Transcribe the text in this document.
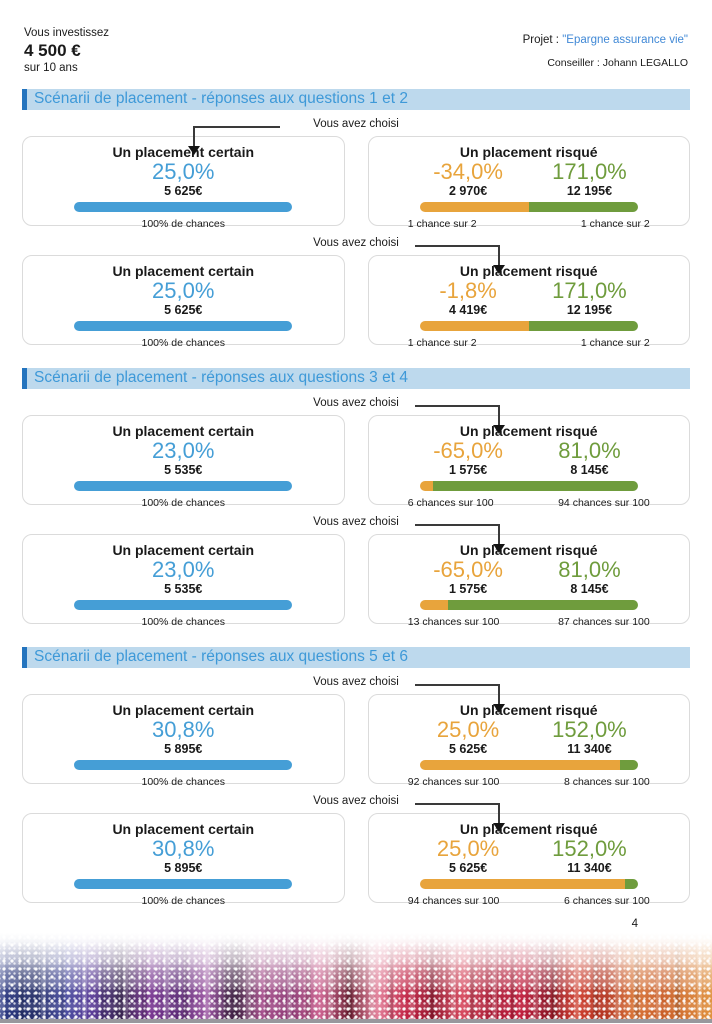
Vous investissez
4 500 €
sur 10 ans
Projet : "Epargne assurance vie"
Conseiller : Johann LEGALLO
Scénarii de placement - réponses aux questions 1 et 2
Vous avez choisi
Un placement certain
25,0%
5 625€
100% de chances
Un placement risqué
-34,0%
2 970€
171,0%
12 195€
1 chance sur 2	1 chance sur 2
Vous avez choisi
Un placement certain
25,0%
5 625€
100% de chances
Un placement risqué
-1,8%
4 419€
171,0%
12 195€
1 chance sur 2	1 chance sur 2
Scénarii de placement - réponses aux questions 3 et 4
Vous avez choisi
Un placement certain
23,0%
5 535€
100% de chances
Un placement risqué
-65,0%
1 575€
81,0%
8 145€
6 chances sur 100	94 chances sur 100
Vous avez choisi
Un placement certain
23,0%
5 535€
100% de chances
Un placement risqué
-65,0%
1 575€
81,0%
8 145€
13 chances sur 100	87 chances sur 100
Scénarii de placement - réponses aux questions 5 et 6
Vous avez choisi
Un placement certain
30,8%
5 895€
100% de chances
Un placement risqué
25,0%
5 625€
152,0%
11 340€
92 chances sur 100	8 chances sur 100
Vous avez choisi
Un placement certain
30,8%
5 895€
100% de chances
Un placement risqué
25,0%
5 625€
152,0%
11 340€
94 chances sur 100	6 chances sur 100
4
